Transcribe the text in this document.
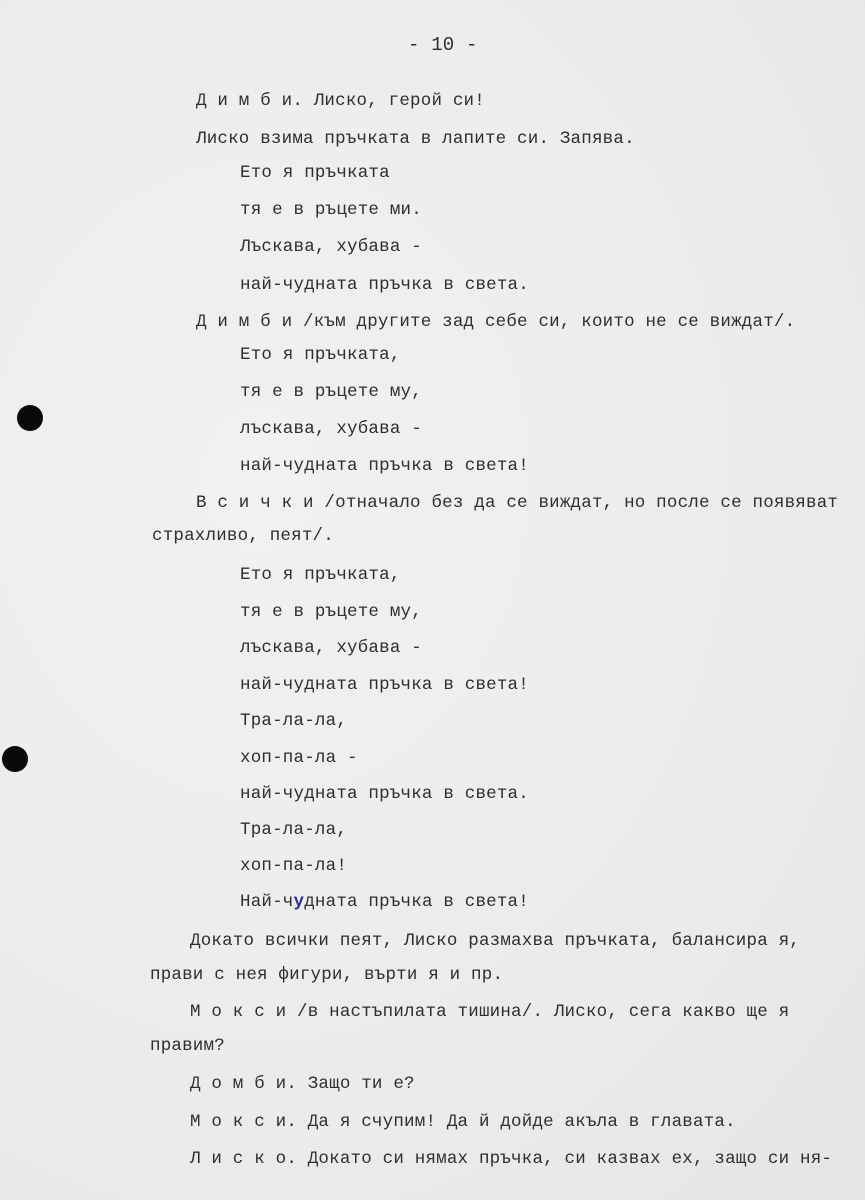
- 10 -
Д и м б и. Лиско, герой си!
Лиско взима пръчката в лапите си. Запява.
Ето я пръчката
тя е в ръцете ми.
Лъскава, хубава -
най-чудната пръчка в света.
Д и м б и /към другите зад себе си, които не се виждат/.
Ето я пръчката,
тя е в ръцете му,
лъскава, хубава -
най-чудната пръчка в света!
В с и ч к и /отначало без да се виждат, но после се появяват
страхливо, пеят/.
Ето я пръчката,
тя е в ръцете му,
лъскава, хубава -
най-чудната пръчка в света!
Тра-ла-ла,
хоп-па-ла -
най-чудната пръчка в света.
Тра-ла-ла,
хоп-па-ла!
Най-чудната пръчка в света!
Докато всички пеят, Лиско размахва пръчката, балансира я,
прави с нея фигури, върти я и пр.
М о к с и /в настъпилата тишина/. Лиско, сега какво ще я
правим?
Д о м б и. Защо ти е?
М о к с и. Да я счупим! Да й дойде акъла в главата.
Л и с к о. Докато си нямах пръчка, си казвах ех, защо си ня-
